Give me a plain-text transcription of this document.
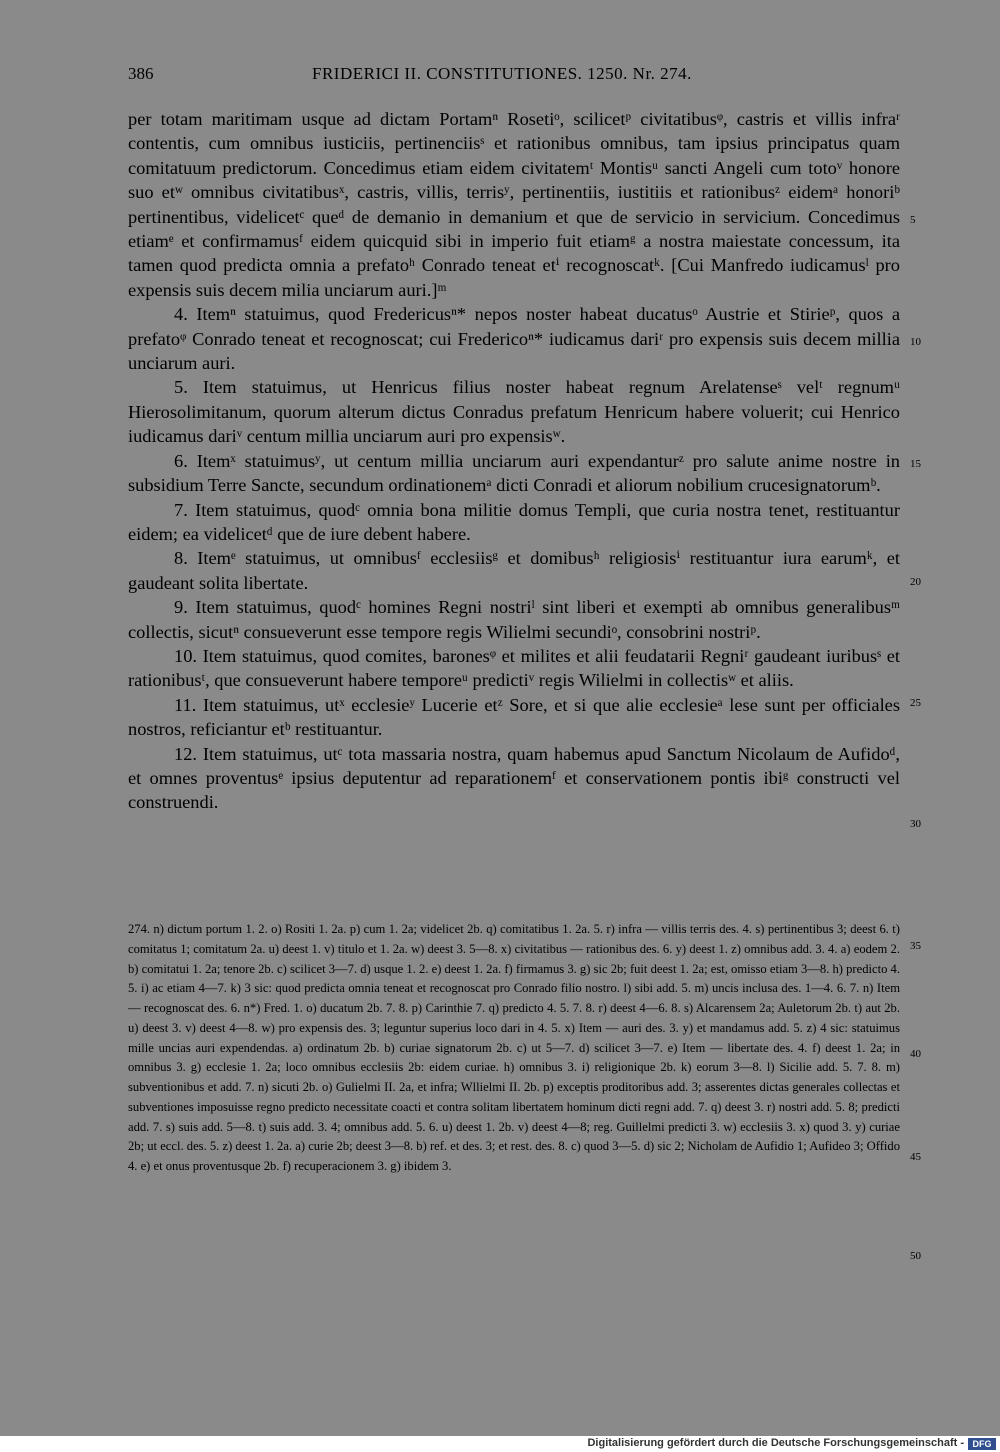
386	FRIDERICI II. CONSTITUTIONES. 1250. Nr. 274.

per totam maritimam usque ad dictam Portamⁿ Rosetiᵒ, scilicetᵖ civitatibusᵠ, castris et villis infraʳ contentis, cum omnibus iusticiis, pertinenciisˢ et rationibus omnibus, tam ipsius principatus quam comitatuum predictorum. Concedimus etiam eidem civitatemᵗ Montisᵘ sancti Angeli cum totoᵛ honore suo etʷ omnibus civitatibusˣ, castris, villis, terrisʸ, pertinentiis, iustitiis et rationibusᶻ eidemᵃ honoriᵇ pertinentibus, videlicetᶜ queᵈ de demanio in demanium et que de servicio in servicium. Concedimus etiamᵉ et confirmamusᶠ eidem quicquid sibi in imperio fuit etiamᵍ a nostra maiestate concessum, ita tamen quod predicta omnia a prefatoʰ Conrado teneat etⁱ recognoscatᵏ. [Cui Manfredo iudicamusˡ pro expensis suis decem milia unciarum auri.]ᵐ

4. Itemⁿ statuimus, quod Fredericusⁿ* nepos noster habeat ducatusᵒ Austrie et Stirieᵖ, quos a prefatoᵠ Conrado teneat et recognoscat; cui Fredericoⁿ* iudicamus dariʳ pro expensis suis decem millia unciarum auri.

5. Item statuimus, ut Henricus filius noster habeat regnum Arelatenseˢ velᵗ regnumᵘ Hierosolimitanum, quorum alterum dictus Conradus prefatum Henricum habere voluerit; cui Henrico iudicamus dariᵛ centum millia unciarum auri pro expensisʷ.

6. Itemˣ statuimusʸ, ut centum millia unciarum auri expendanturᶻ pro salute anime nostre in subsidium Terre Sancte, secundum ordinationemᵃ dicti Conradi et aliorum nobilium crucesignatorumᵇ.

7. Item statuimus, quodᶜ omnia bona militie domus Templi, que curia nostra tenet, restituantur eidem; ea videlicetᵈ que de iure debent habere.

8. Itemᵉ statuimus, ut omnibusᶠ ecclesiisᵍ et domibusʰ religiosisⁱ restituantur iura earumᵏ, et gaudeant solita libertate.

9. Item statuimus, quodᶜ homines Regni nostriˡ sint liberi et exempti ab omnibus generalibusᵐ collectis, sicutⁿ consueverunt esse tempore regis Wilielmi secundiᵒ, consobrini nostriᵖ.

10. Item statuimus, quod comites, baronesᵠ et milites et alii feudatarii Regniʳ gaudeant iuribusˢ et rationibusᵗ, que consueverunt habere temporeᵘ predictiᵛ regis Wilielmi in collectisʷ et aliis.

11. Item statuimus, utˣ ecclesieʸ Lucerie etᶻ Sore, et si que alie ecclesieᵃ lese sunt per officiales nostros, reficiantur etᵇ restituantur.

12. Item statuimus, utᶜ tota massaria nostra, quam habemus apud Sanctum Nicolaum de Aufidoᵈ, et omnes proventusᵉ ipsius deputentur ad reparationemᶠ et conservationem pontis ibiᵍ constructi vel construendi.

274. n) dictum portum 1. 2. o) Rositi 1. 2a. p) cum 1. 2a; videlicet 2b. q) comitatibus 1. 2a. 5. r) infra — villis terris des. 4. s) pertinentibus 3; deest 6. t) comitatus 1; comitatum 2a. u) deest 1. v) titulo et 1. 2a. w) deest 3. 5—8. x) civitatibus — rationibus des. 6. y) deest 1. z) omnibus add. 3. 4. a) eodem 2. b) comitatui 1. 2a; tenore 2b. c) scilicet 3—7. d) usque 1. 2. e) deest 1. 2a. f) firmamus 3. g) sic 2b; fuit deest 1. 2a; est, omisso etiam 3—8. h) predicto 4. 5. i) ac etiam 4—7. k) 3 sic: quod predicta omnia teneat et recognoscat pro Conrado filio nostro. l) sibi add. 5. m) uncis inclusa des. 1—4. 6. 7. n) Item — recognoscat des. 6. n*) Fred. 1. o) ducatum 2b. 7. 8. p) Carinthie 7. q) predicto 4. 5. 7. 8. r) deest 4—6. 8. s) Alcarensem 2a; Auletorum 2b. t) aut 2b. u) deest 3. v) deest 4—8. w) pro expensis des. 3; leguntur superius loco dari in 4. 5. x) Item — auri des. 3. y) et mandamus add. 5. z) 4 sic: statuimus mille uncias auri expendendas. a) ordinatum 2b. b) curiae signatorum 2b. c) ut 5—7. d) scilicet 3—7. e) Item — libertate des. 4. f) deest 1. 2a; in omnibus 3. g) ecclesie 1. 2a; loco omnibus ecclesiis 2b: eidem curiae. h) omnibus 3. i) religionique 2b. k) eorum 3—8. l) Sicilie add. 5. 7. 8. m) subventionibus et add. 7. n) sicuti 2b. o) Gulielmi II. 2a, et infra; Wllielmi II. 2b. p) exceptis proditoribus add. 3; asserentes dictas generales collectas et subventiones imposuisse regno predicto necessitate coacti et contra solitam libertatem hominum dicti regni add. 7. q) deest 3. r) nostri add. 5. 8; predicti add. 7. s) suis add. 5—8. t) suis add. 3. 4; omnibus add. 5. 6. u) deest 1. 2b. v) deest 4—8; reg. Guillelmi predicti 3. w) ecclesiis 3. x) quod 3. y) curiae 2b; ut eccl. des. 5. z) deest 1. 2a. a) curie 2b; deest 3—8. b) ref. et des. 3; et rest. des. 8. c) quod 3—5. d) sic 2; Nicholam de Aufidio 1; Aufideo 3; Offido 4. e) et onus proventusque 2b. f) recuperacionem 3. g) ibidem 3.

5
10
15
20
25
30
35
40
45
50
Digitalisierung gefördert durch die Deutsche Forschungsgemeinschaft - DFG
